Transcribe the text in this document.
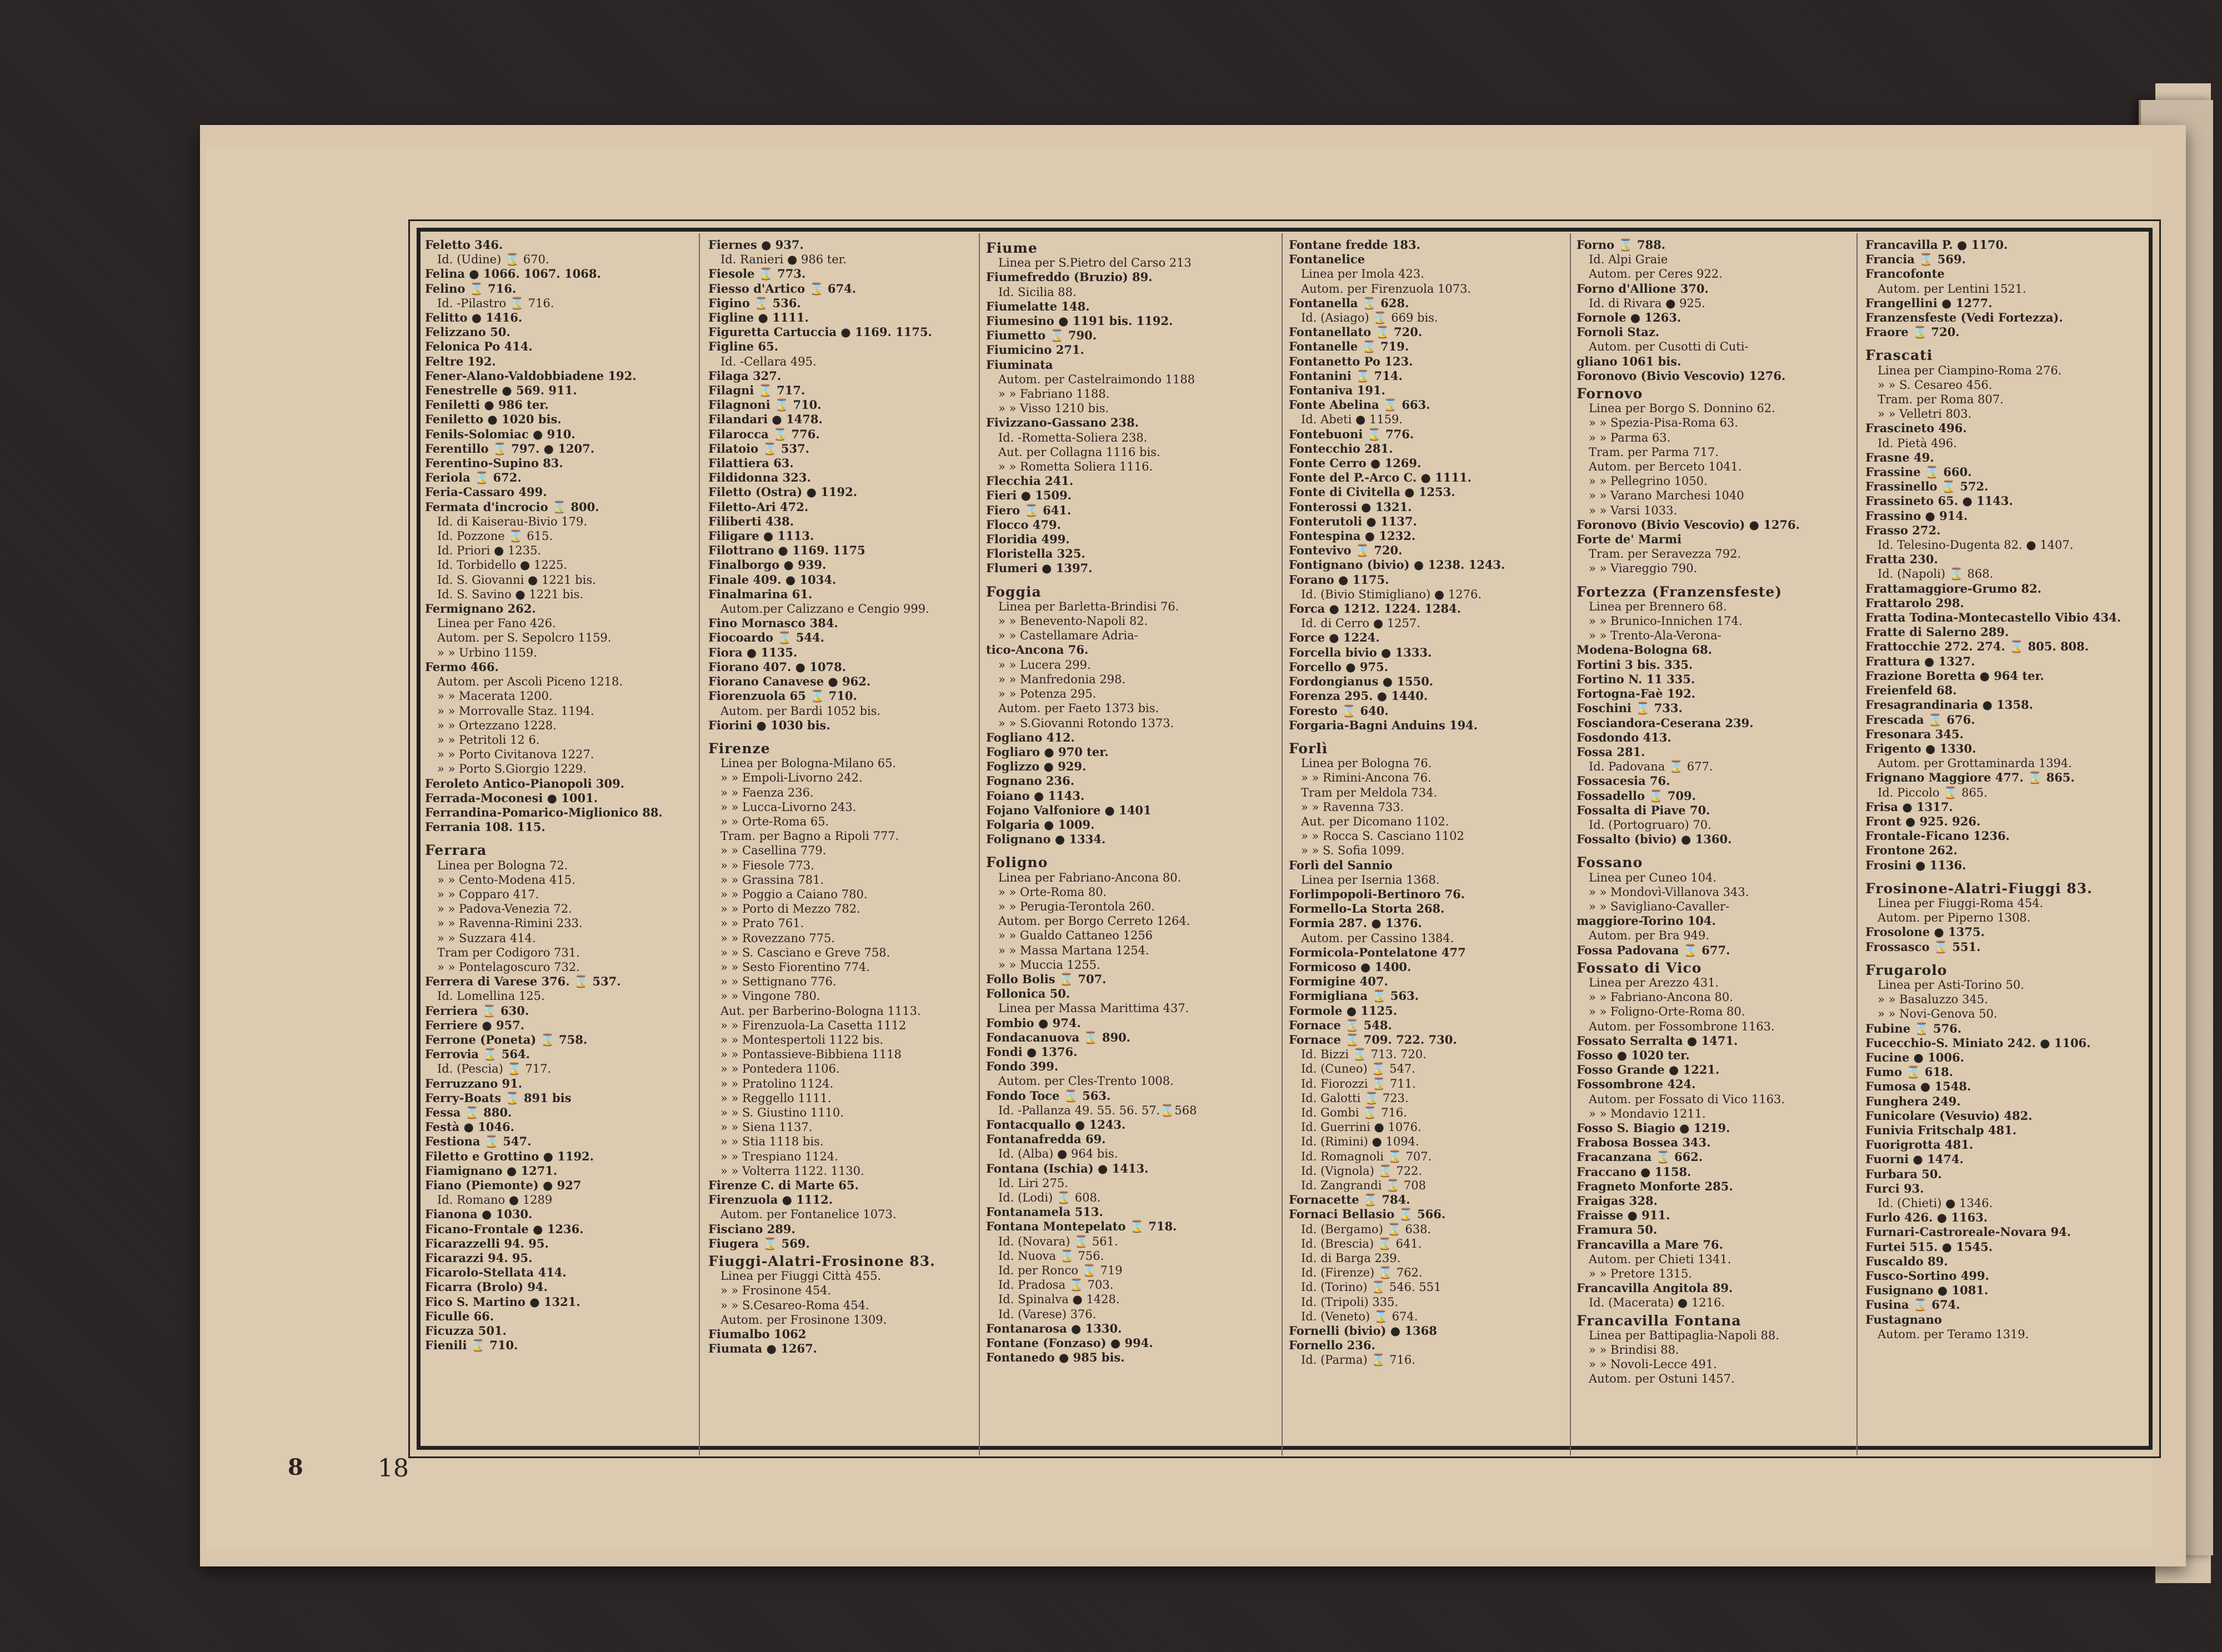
Feletto 346.
Id. (Udine) ⌛ 670.
Felina ● 1066. 1067. 1068.
Felino ⌛ 716.
Id. -Pilastro ⌛ 716.
Felitto ● 1416.
Felizzano 50.
Felonica Po 414.
Feltre 192.
Fener-Alano-Valdobbiadene 192.
Fenestrelle ● 569. 911.
Feniletti ● 986 ter.
Feniletto ● 1020 bis.
Fenils-Solomiac ● 910.
Ferentillo ⌛ 797. ● 1207.
Ferentino-Supino 83.
Feriola ⌛ 672.
Feria-Cassaro 499.
Fermata d'incrocio ⌛ 800.
Id. di Kaiserau-Bivio 179.
Id. Pozzone ⌛ 615.
Id. Priori ● 1235.
Id. Torbidello ● 1225.
Id. S. Giovanni ● 1221 bis.
Id. S. Savino ● 1221 bis.
Fermignano 262.
Linea per Fano 426.
Autom. per S. Sepolcro 1159.
» » Urbino 1159.
Fermo 466.
Autom. per Ascoli Piceno 1218.
» » Macerata 1200.
» » Morrovalle Staz. 1194.
» » Ortezzano 1228.
» » Petritoli 12 6.
» » Porto Civitanova 1227.
» » Porto S.Giorgio 1229.
Feroleto Antico-Pianopoli 309.
Ferrada-Moconesi ● 1001.
Ferrandina-Pomarico-Miglionico 88.
Ferrania 108. 115.

Ferrara
Linea per Bologna 72.
» » Cento-Modena 415.
» » Copparo 417.
» » Padova-Venezia 72.
» » Ravenna-Rimini 233.
» » Suzzara 414.
Tram per Codigoro 731.
» » Pontelagoscuro 732.
Ferrera di Varese 376. ⌛ 537.
Id. Lomellina 125.
Ferriera ⌛ 630.
Ferriere ● 957.
Ferrone (Poneta) ⌛ 758.
Ferrovia ⌛ 564.
Id. (Pescia) ⌛ 717.
Ferruzzano 91.
Ferry-Boats ⌛ 891 bis
Fessa ⌛ 880.
Festà ● 1046.
Festiona ⌛ 547.
Filetto e Grottino ● 1192.
Fiamignano ● 1271.
Fiano (Piemonte) ● 927
Id. Romano ● 1289
Fianona ● 1030.
Ficano-Frontale ● 1236.
Ficarazzelli 94. 95.
Ficarazzi 94. 95.
Ficarolo-Stellata 414.
Ficarra (Brolo) 94.
Fico S. Martino ● 1321.
Ficulle 66.
Ficuzza 501.
Fienili ⌛ 710.
Fiernes ● 937.
Id. Ranieri ● 986 ter.
Fiesole ⌛ 773.
Fiesso d'Artico ⌛ 674.
Figino ⌛ 536.
Figline ● 1111.
Figuretta Cartuccia ● 1169. 1175.
Figline 65.
Id. -Cellara 495.
Filaga 327.
Filagni ⌛ 717.
Filagnoni ⌛ 710.
Filandari ● 1478.
Filarocca ⌛ 776.
Filatoio ⌛ 537.
Filattiera 63.
Fildidonna 323.
Filetto (Ostra) ● 1192.
Filetto-Ari 472.
Filiberti 438.
Filigare ● 1113.
Filottrano ● 1169. 1175
Finalborgo ● 939.
Finale 409. ● 1034.
Finalmarina 61.
Autom.per Calizzano e Cengio 999.
Fino Mornasco 384.
Fiocoardo ⌛ 544.
Fiora ● 1135.
Fiorano 407. ● 1078.
Fiorano Canavese ● 962.
Fiorenzuola 65 ⌛ 710.
Autom. per Bardi 1052 bis.
Fiorini ● 1030 bis.

Firenze
Linea per Bologna-Milano 65.
» » Empoli-Livorno 242.
» » Faenza 236.
» » Lucca-Livorno 243.
» » Orte-Roma 65.
Tram. per Bagno a Ripoli 777.
» » Casellina 779.
» » Fiesole 773.
» » Grassina 781.
» » Poggio a Caiano 780.
» » Porto di Mezzo 782.
» » Prato 761.
» » Rovezzano 775.
» » S. Casciano e Greve 758.
» » Sesto Fiorentino 774.
» » Settignano 776.
» » Vingone 780.
Aut. per Barberino-Bologna 1113.
» » Firenzuola-La Casetta 1112
» » Montespertoli 1122 bis.
» » Pontassieve-Bibbiena 1118
» » Pontedera 1106.
» » Pratolino 1124.
» » Reggello 1111.
» » S. Giustino 1110.
» » Siena 1137.
» » Stia 1118 bis.
» » Trespiano 1124.
» » Volterra 1122. 1130.
Firenze C. di Marte 65.
Firenzuola ● 1112.
Autom. per Fontanelice 1073.
Fisciano 289.
Fiugera ⌛ 569.
Fiuggi-Alatri-Frosinone 83.
Linea per Fiuggi Città 455.
» » Frosinone 454.
» » S.Cesareo-Roma 454.
Autom. per Frosinone 1309.
Fiumalbo 1062
Fiumata ● 1267.
Fiume
Linea per S.Pietro del Carso 213
Fiumefreddo (Bruzio) 89.
Id. Sicilia 88.
Fiumelatte 148.
Fiumesino ● 1191 bis. 1192.
Fiumetto ⌛ 790.
Fiumicino 271.
Fiuminata
Autom. per Castelraimondo 1188
» » Fabriano 1188.
» » Visso 1210 bis.
Fivizzano-Gassano 238.
Id. -Rometta-Soliera 238.
Aut. per Collagna 1116 bis.
» » Rometta Soliera 1116.
Flecchia 241.
Fieri ● 1509.
Fiero ⌛ 641.
Flocco 479.
Floridia 499.
Floristella 325.
Flumeri ● 1397.

Foggia
Linea per Barletta-Brindisi 76.
» » Benevento-Napoli 82.
» » Castellamare Adria-
tico-Ancona 76.
» » Lucera 299.
» » Manfredonia 298.
» » Potenza 295.
Autom. per Faeto 1373 bis.
» » S.Giovanni Rotondo 1373.
Fogliano 412.
Fogliaro ● 970 ter.
Foglizzo ● 929.
Fognano 236.
Foiano ● 1143.
Fojano Valfoniore ● 1401
Folgaria ● 1009.
Folignano ● 1334.

Foligno
Linea per Fabriano-Ancona 80.
» » Orte-Roma 80.
» » Perugia-Terontola 260.
Autom. per Borgo Cerreto 1264.
» » Gualdo Cattaneo 1256
» » Massa Martana 1254.
» » Muccia 1255.
Follo Bolis ⌛ 707.
Follonica 50.
Linea per Massa Marittima 437.
Fombio ● 974.
Fondacanuova ⌛ 890.
Fondi ● 1376.
Fondo 399.
Autom. per Cles-Trento 1008.
Fondo Toce ⌛ 563.
Id. -Pallanza 49. 55. 56. 57.⌛568
Fontacquallo ● 1243.
Fontanafredda 69.
Id. (Alba) ● 964 bis.
Fontana (Ischia) ● 1413.
Id. Liri 275.
Id. (Lodi) ⌛ 608.
Fontanamela 513.
Fontana Montepelato ⌛ 718.
Id. (Novara) ⌛ 561.
Id. Nuova ⌛ 756.
Id. per Ronco ⌛ 719
Id. Pradosa ⌛ 703.
Id. Spinalva ● 1428.
Id. (Varese) 376.
Fontanarosa ● 1330.
Fontane (Fonzaso) ● 994.
Fontanedo ● 985 bis.
Fontane fredde 183.
Fontanelice
Linea per Imola 423.
Autom. per Firenzuola 1073.
Fontanella ⌛ 628.
Id. (Asiago) ⌛ 669 bis.
Fontanellato ⌛ 720.
Fontanelle ⌛ 719.
Fontanetto Po 123.
Fontanini ⌛ 714.
Fontaniva 191.
Fonte Abelina ⌛ 663.
Id. Abeti ● 1159.
Fontebuoni ⌛ 776.
Fontecchio 281.
Fonte Cerro ● 1269.
Fonte del P.-Arco C. ● 1111.
Fonte di Civitella ● 1253.
Fonterossi ● 1321.
Fonterutoli ● 1137.
Fontespina ● 1232.
Fontevivo ⌛ 720.
Fontignano (bivio) ● 1238. 1243.
Forano ● 1175.
Id. (Bivio Stimigliano) ● 1276.
Forca ● 1212. 1224. 1284.
Id. di Cerro ● 1257.
Force ● 1224.
Forcella bivio ● 1333.
Forcello ● 975.
Fordongianus ● 1550.
Forenza 295. ● 1440.
Foresto ⌛ 640.
Forgaria-Bagni Anduins 194.

Forlì
Linea per Bologna 76.
» » Rimini-Ancona 76.
Tram per Meldola 734.
» » Ravenna 733.
Aut. per Dicomano 1102.
» » Rocca S. Casciano 1102
» » S. Sofia 1099.
Forlì del Sannio
Linea per Isernia 1368.
Forlimpopoli-Bertinoro 76.
Formello-La Storta 268.
Formia 287. ● 1376.
Autom. per Cassino 1384.
Formicola-Pontelatone 477
Formicoso ● 1400.
Formigine 407.
Formigliana ⌛ 563.
Formole ● 1125.
Fornace ⌛ 548.
Fornace ⌛ 709. 722. 730.
Id. Bizzi ⌛ 713. 720.
Id. (Cuneo) ⌛ 547.
Id. Fiorozzi ⌛ 711.
Id. Galotti ⌛ 723.
Id. Gombi ⌛ 716.
Id. Guerrini ● 1076.
Id. (Rimini) ● 1094.
Id. Romagnoli ⌛ 707.
Id. (Vignola) ⌛ 722.
Id. Zangrandi ⌛ 708
Fornacette ⌛ 784.
Fornaci Bellasio ⌛ 566.
Id. (Bergamo) ⌛ 638.
Id. (Brescia) ⌛ 641.
Id. di Barga 239.
Id. (Firenze) ⌛ 762.
Id. (Torino) ⌛ 546. 551
Id. (Tripoli) 335.
Id. (Veneto) ⌛ 674.
Fornelli (bivio) ● 1368
Fornello 236.
Id. (Parma) ⌛ 716.
Forno ⌛ 788.
Id. Alpi Graie
Autom. per Ceres 922.
Forno d'Allione 370.
Id. di Rivara ● 925.
Fornole ● 1263.
Fornoli Staz.
Autom. per Cusotti di Cuti-
gliano 1061 bis.
Foronovo (Bivio Vescovio) 1276.
Fornovo
Linea per Borgo S. Donnino 62.
» » Spezia-Pisa-Roma 63.
» » Parma 63.
Tram. per Parma 717.
Autom. per Berceto 1041.
» » Pellegrino 1050.
» » Varano Marchesi 1040
» » Varsi 1033.
Foronovo (Bivio Vescovio) ● 1276.
Forte de' Marmi
Tram. per Seravezza 792.
» » Viareggio 790.

Fortezza (Franzensfeste)
Linea per Brennero 68.
» » Brunico-Innichen 174.
» » Trento-Ala-Verona-
Modena-Bologna 68.
Fortini 3 bis. 335.
Fortino N. 11 335.
Fortogna-Faè 192.
Foschini ⌛ 733.
Fosciandora-Ceserana 239.
Fosdondo 413.
Fossa 281.
Id. Padovana ⌛ 677.
Fossacesia 76.
Fossadello ⌛ 709.
Fossalta di Piave 70.
Id. (Portogruaro) 70.
Fossalto (bivio) ● 1360.

Fossano
Linea per Cuneo 104.
» » Mondovì-Villanova 343.
» » Savigliano-Cavaller-
maggiore-Torino 104.
Autom. per Bra 949.
Fossa Padovana ⌛ 677.
Fossato di Vico
Linea per Arezzo 431.
» » Fabriano-Ancona 80.
» » Foligno-Orte-Roma 80.
Autom. per Fossombrone 1163.
Fossato Serralta ● 1471.
Fosso ● 1020 ter.
Fosso Grande ● 1221.
Fossombrone 424.
Autom. per Fossato di Vico 1163.
» » Mondavio 1211.
Fosso S. Biagio ● 1219.
Frabosa Bossea 343.
Fracanzana ⌛ 662.
Fraccano ● 1158.
Fragneto Monforte 285.
Fraigas 328.
Fraisse ● 911.
Framura 50.
Francavilla a Mare 76.
Autom. per Chieti 1341.
» » Pretore 1315.
Francavilla Angitola 89.
Id. (Macerata) ● 1216.
Francavilla Fontana
Linea per Battipaglia-Napoli 88.
» » Brindisi 88.
» » Novoli-Lecce 491.
Autom. per Ostuni 1457.
Francavilla P. ● 1170.
Francia ⌛ 569.
Francofonte
Autom. per Lentini 1521.
Frangellini ● 1277.
Franzensfeste (Vedi Fortezza).
Fraore ⌛ 720.

Frascati
Linea per Ciampino-Roma 276.
» » S. Cesareo 456.
Tram. per Roma 807.
» » Velletri 803.
Frascineto 496.
Id. Pietà 496.
Frasne 49.
Frassine ⌛ 660.
Frassinello ⌛ 572.
Frassineto 65. ● 1143.
Frassino ● 914.
Frasso 272.
Id. Telesino-Dugenta 82. ● 1407.
Fratta 230.
Id. (Napoli) ⌛ 868.
Frattamaggiore-Grumo 82.
Frattarolo 298.
Fratta Todina-Montecastello Vibio 434.
Fratte di Salerno 289.
Frattocchie 272. 274. ⌛ 805. 808.
Frattura ● 1327.
Frazione Boretta ● 964 ter.
Freienfeld 68.
Fresagrandinaria ● 1358.
Frescada ⌛ 676.
Fresonara 345.
Frigento ● 1330.
Autom. per Grottaminarda 1394.
Frignano Maggiore 477. ⌛ 865.
Id. Piccolo ⌛ 865.
Frisa ● 1317.
Front ● 925. 926.
Frontale-Ficano 1236.
Frontone 262.
Frosini ● 1136.

Frosinone-Alatri-Fiuggi 83.
Linea per Fiuggi-Roma 454.
Autom. per Piperno 1308.
Frosolone ● 1375.
Frossasco ⌛ 551.

Frugarolo
Linea per Asti-Torino 50.
» » Basaluzzo 345.
» » Novi-Genova 50.
Fubine ⌛ 576.
Fucecchio-S. Miniato 242. ● 1106.
Fucine ● 1006.
Fumo ⌛ 618.
Fumosa ● 1548.
Funghera 249.
Funicolare (Vesuvio) 482.
Funivia Fritschalp 481.
Fuorigrotta 481.
Fuorni ● 1474.
Furbara 50.
Furci 93.
Id. (Chieti) ● 1346.
Furlo 426. ● 1163.
Furnari-Castroreale-Novara 94.
Furtei 515. ● 1545.
Fuscaldo 89.
Fusco-Sortino 499.
Fusignano ● 1081.
Fusina ⌛ 674.
Fustagnano
Autom. per Teramo 1319.
8	18
